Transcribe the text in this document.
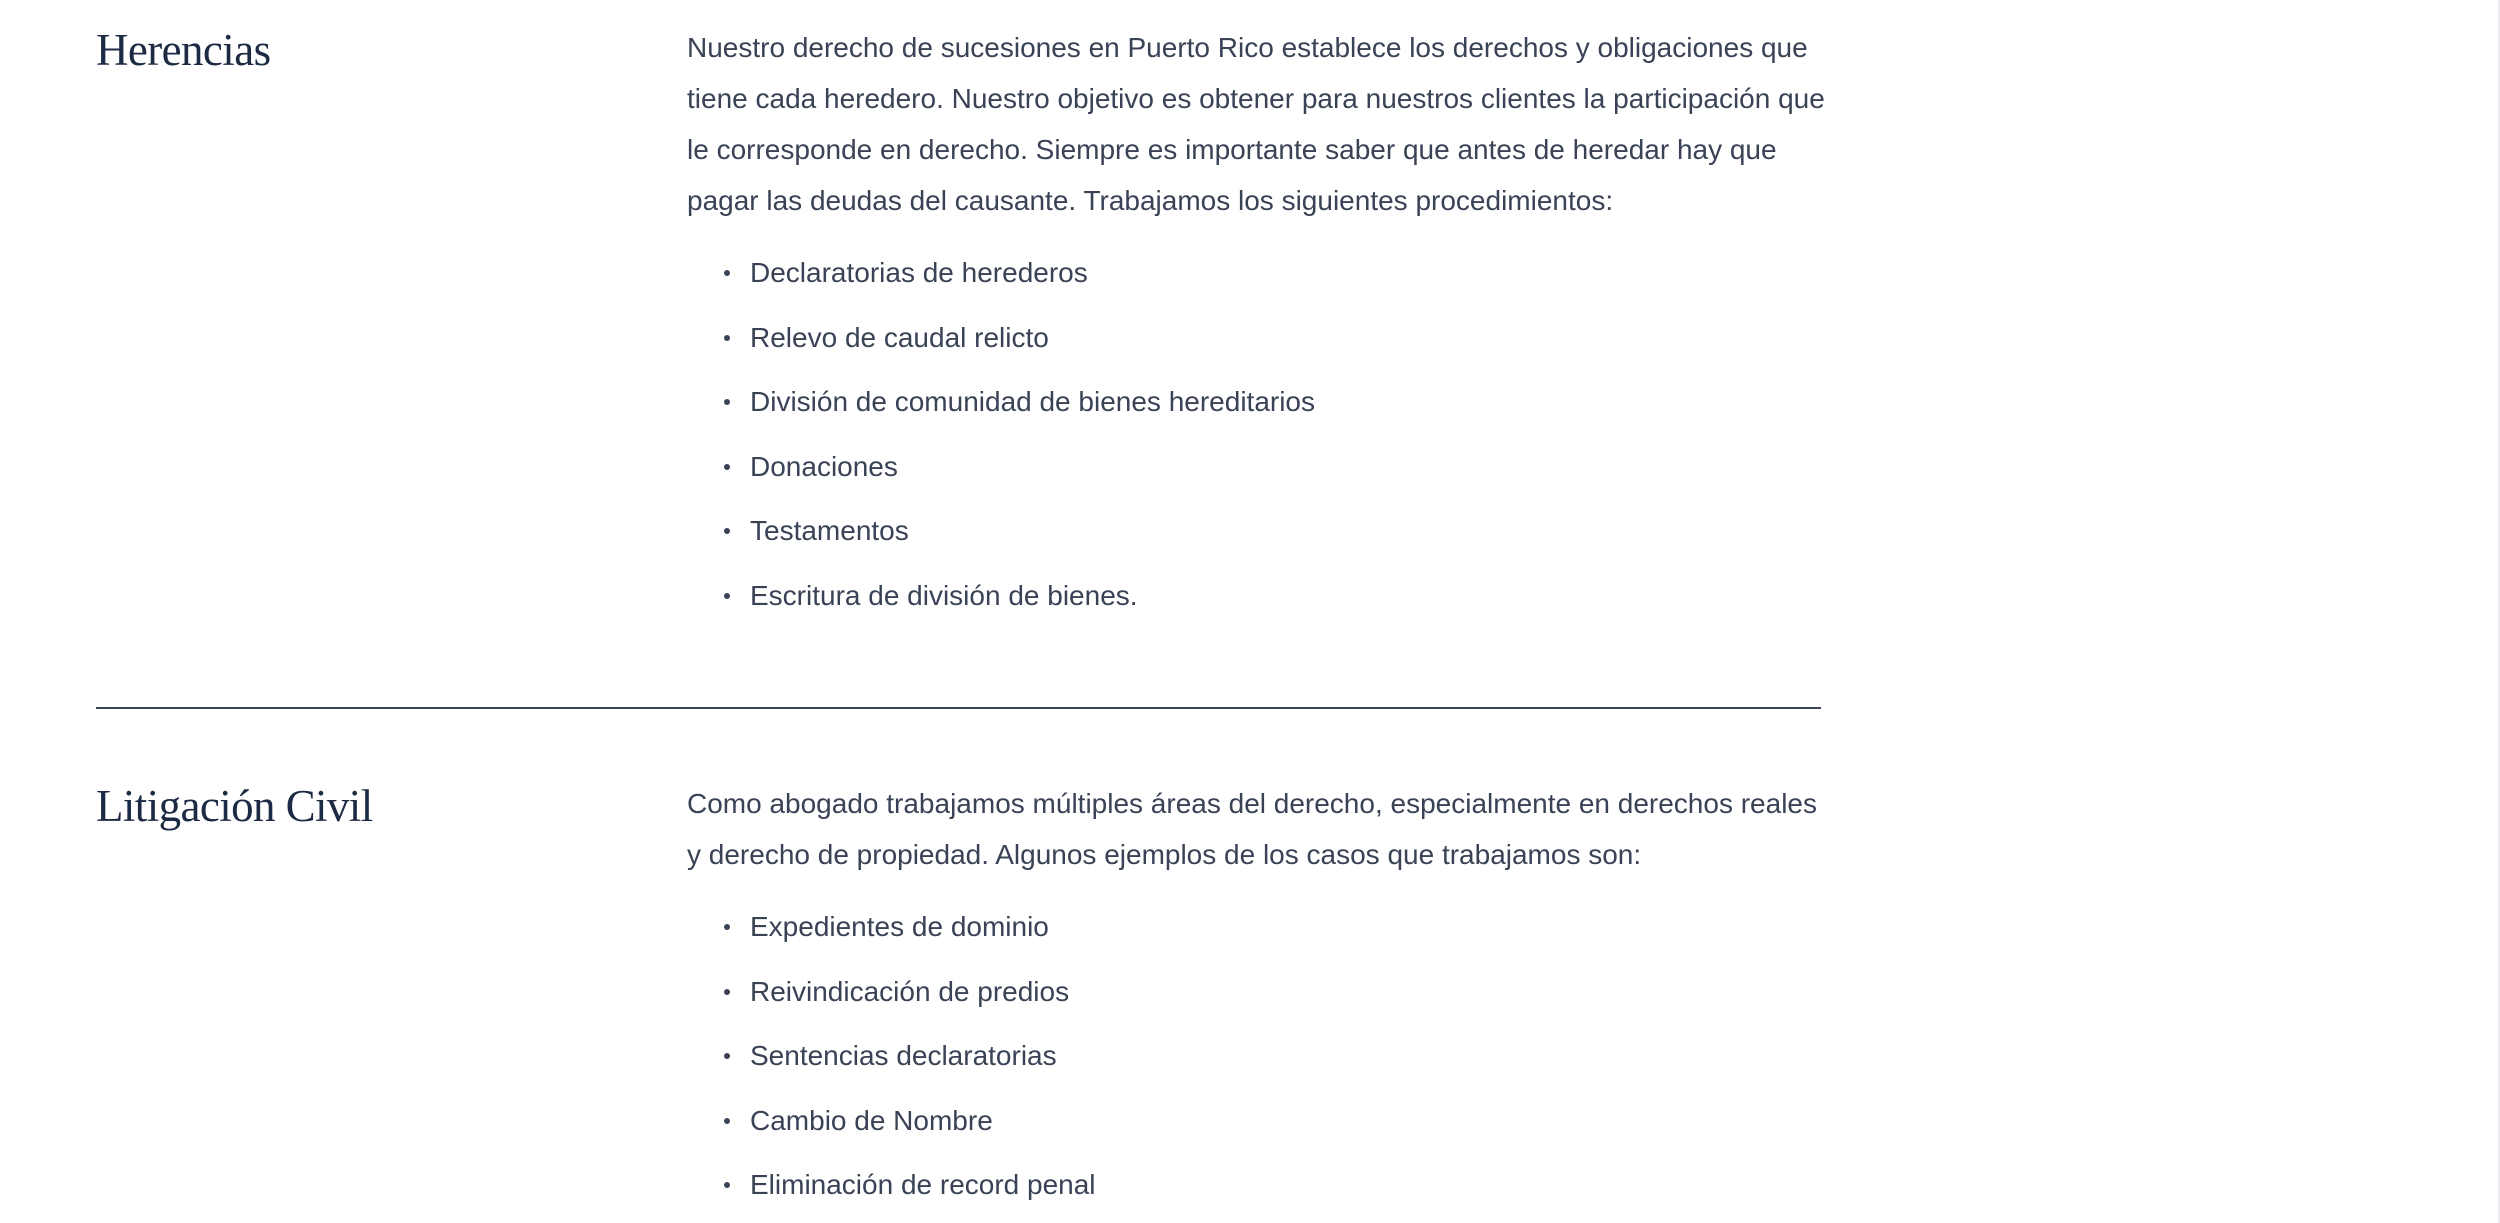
Herencias	Nuestro derecho de sucesiones en Puerto Rico establece los derechos y obligaciones que tiene cada heredero. Nuestro objetivo es obtener para nuestros clientes la participación que le corresponde en derecho. Siempre es importante saber que antes de heredar hay que pagar las deudas del causante. Trabajamos los siguientes procedimientos:

Declaratorias de herederos
Relevo de caudal relicto
División de comunidad de bienes hereditarios
Donaciones
Testamentos
Escritura de división de bienes.
Litigación Civil	Como abogado trabajamos múltiples áreas del derecho, especialmente en derechos reales y derecho de propiedad. Algunos ejemplos de los casos que trabajamos son:

Expedientes de dominio
Reivindicación de predios
Sentencias declaratorias
Cambio de Nombre
Eliminación de record penal
